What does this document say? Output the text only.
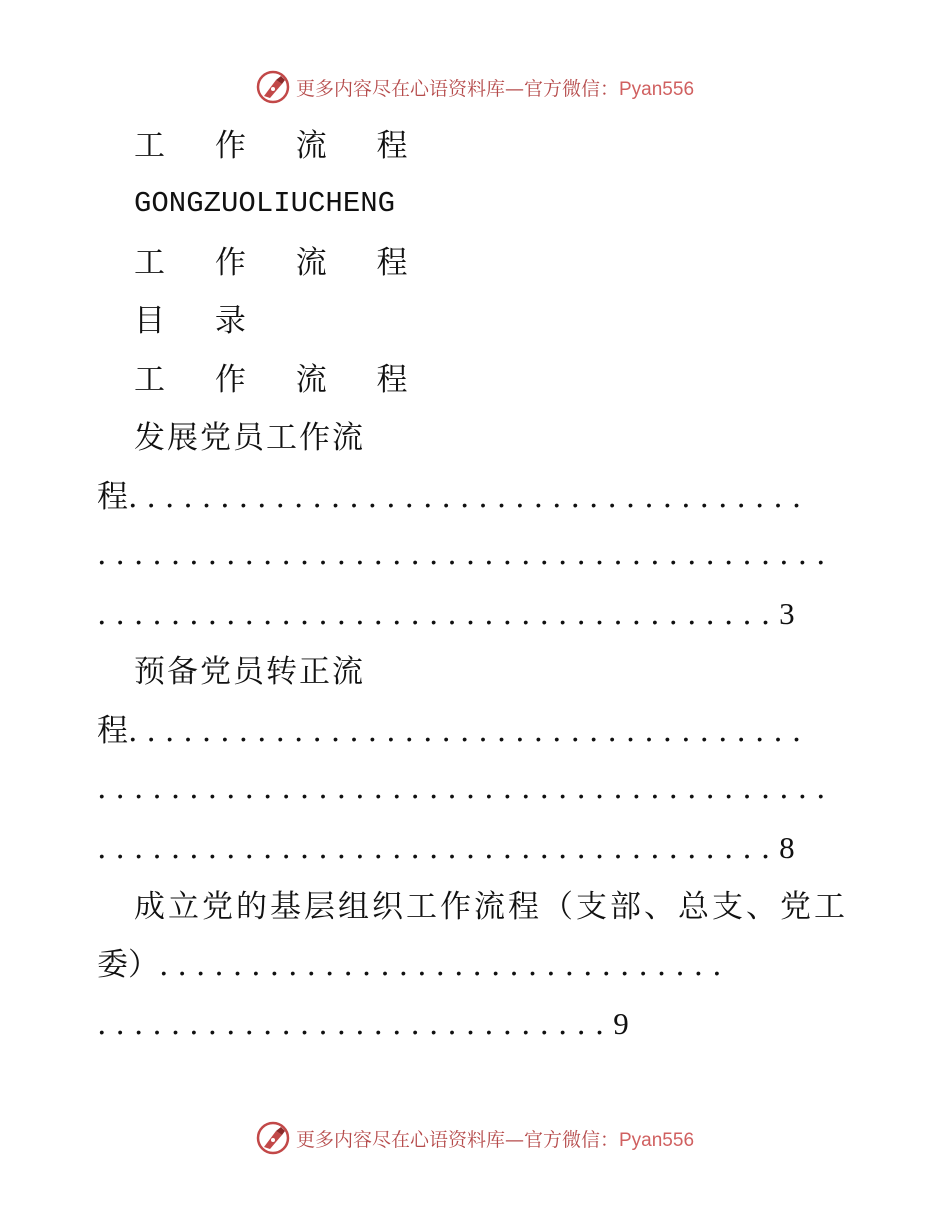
更多内容尽在心语资料库—官方微信：Pyan556
工 作 流 程
GONGZUOLIUCHENG
工 作 流 程
目 录
工 作 流 程
发展党员工作流
程.....................................
........................................
.....................................3
预备党员转正流
程.....................................
........................................
.....................................8
成立党的基层组织工作流程（支部、总支、党工
委）...............................
............................9
更多内容尽在心语资料库—官方微信：Pyan556
